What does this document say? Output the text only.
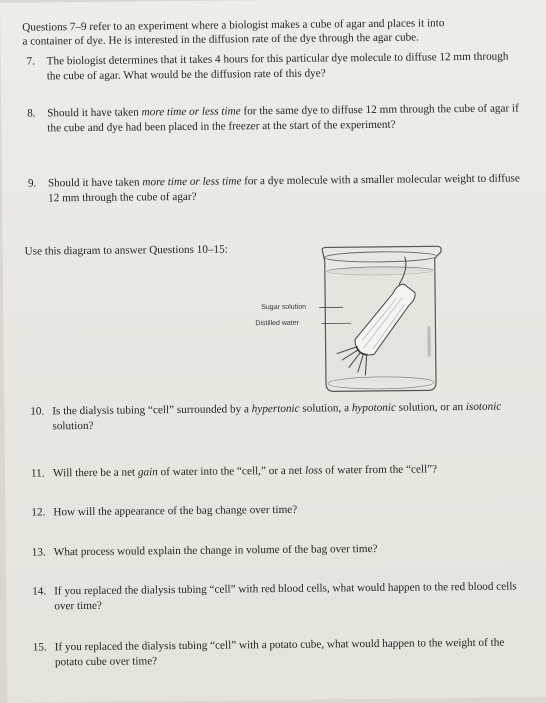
Questions 7–9 refer to an experiment where a biologist makes a cube of agar and places it into
a container of dye. He is interested in the diffusion rate of the dye through the agar cube.
7.	The biologist determines that it takes 4 hours for this particular dye molecule to diffuse 12 mm through the cube of agar. What would be the diffusion rate of this dye?
8.	Should it have taken more time or less time for the same dye to diffuse 12 mm through the cube of agar if the cube and dye had been placed in the freezer at the start of the experiment?
9.	Should it have taken more time or less time for a dye molecule with a smaller molecular weight to diffuse 12 mm through the cube of agar?
Use this diagram to answer Questions 10–15:
Sugar solution
Distilled water
10. Is the dialysis tubing “cell” surrounded by a hypertonic solution, a hypotonic solution, or an isotonic solution?
11. Will there be a net gain of water into the “cell,” or a net loss of water from the “cell”?
12. How will the appearance of the bag change over time?
13. What process would explain the change in volume of the bag over time?
14. If you replaced the dialysis tubing “cell” with red blood cells, what would happen to the red blood cells over time?
15. If you replaced the dialysis tubing “cell” with a potato cube, what would happen to the weight of the potato cube over time?
